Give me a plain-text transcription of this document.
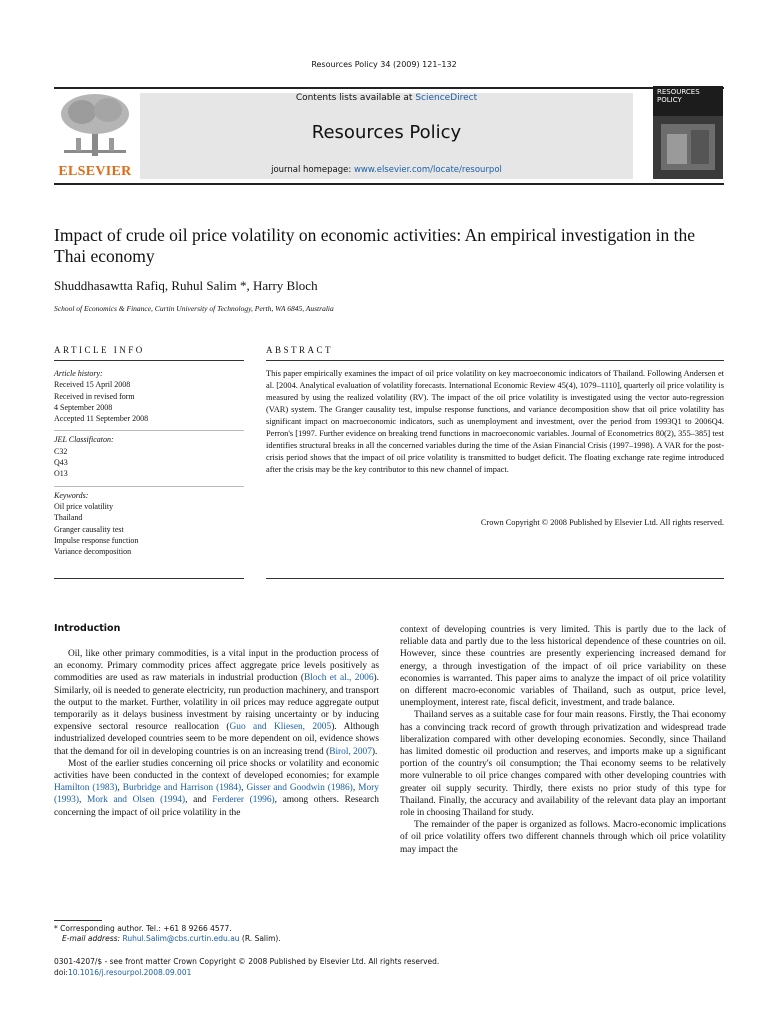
Resources Policy 34 (2009) 121–132
ELSEVIER
Contents lists available at ScienceDirect
Resources Policy
journal homepage: www.elsevier.com/locate/resourpol
RESOURCES
POLICY
Impact of crude oil price volatility on economic activities: An empirical investigation in the Thai economy
Shuddhasawtta Rafiq, Ruhul Salim *, Harry Bloch
School of Economics & Finance, Curtin University of Technology, Perth, WA 6845, Australia
ARTICLE INFO
Article history:
Received 15 April 2008
Received in revised form
4 September 2008
Accepted 11 September 2008
JEL Classificaton:
C32
Q43
O13
Keywords:
Oil price volatility
Thailand
Granger causality test
Impulse response function
Variance decomposition
ABSTRACT
This paper empirically examines the impact of oil price volatility on key macroeconomic indicators of Thailand. Following Andersen et al. [2004. Analytical evaluation of volatility forecasts. International Economic Review 45(4), 1079–1110], quarterly oil price volatility is measured by using the realized volatility (RV). The impact of the oil price volatility is investigated using the vector auto-regression (VAR) system. The Granger causality test, impulse response functions, and variance decomposition show that oil price volatility has significant impact on macroeconomic indicators, such as unemployment and investment, over the period from 1993Q1 to 2006Q4. Perron's [1997. Further evidence on breaking trend functions in macroeconomic variables. Journal of Econometrics 80(2), 355–385] test identifies structural breaks in all the concerned variables during the time of the Asian Financial Crisis (1997–1998). A VAR for the post-crisis period shows that the impact of oil price volatility is transmitted to budget deficit. The floating exchange rate regime introduced after the crisis may be the key contributor to this new channel of impact.
Crown Copyright © 2008 Published by Elsevier Ltd. All rights reserved.
Introduction

Oil, like other primary commodities, is a vital input in the production process of an economy. Primary commodity prices affect aggregate price levels positively as commodities are used as raw materials in industrial production (Bloch et al., 2006). Similarly, oil is needed to generate electricity, run production machinery, and transport the output to the market. Further, volatility in oil prices may reduce aggregate output temporarily as it delays business investment by raising uncertainty or by inducing expensive sectoral resource reallocation (Guo and Kliesen, 2005). Although industrialized developed countries seem to be more dependent on oil, evidence shows that the demand for oil in developing countries is on an increasing trend (Birol, 2007).

Most of the earlier studies concerning oil price shocks or volatility and economic activities have been conducted in the context of developed economies; for example Hamilton (1983), Burbridge and Harrison (1984), Gisser and Goodwin (1986), Mory (1993), Mork and Olsen (1994), and Ferderer (1996), among others. Research concerning the impact of oil price volatility in the

context of developing countries is very limited. This is partly due to the lack of reliable data and partly due to the less historical dependence of these countries on oil. However, since these countries are presently experiencing increased demand for energy, a through investigation of the impact of oil price variability on these economies is warranted. This paper aims to analyze the impact of oil price volatility on different macro-economic variables of Thailand, such as output, price level, unemployment, interest rate, fiscal deficit, investment, and trade balance.

Thailand serves as a suitable case for four main reasons. Firstly, the Thai economy has a convincing track record of growth through privatization and widespread trade liberalization compared with other developing economies. Secondly, since Thailand has limited domestic oil production and reserves, and imports make up a significant portion of the country's oil consumption; the Thai economy seems to be relatively more vulnerable to oil price changes compared with other developing countries with greater oil supply security. Thirdly, there exists no prior study of this type for Thailand. Finally, the accuracy and availability of the relevant data play an important role in choosing Thailand for study.

The remainder of the paper is organized as follows. Macro-economic implications of oil price volatility offers two different channels through which oil price volatility may impact the

* Corresponding author. Tel.: +61 8 9266 4577.
E-mail address: Ruhul.Salim@cbs.curtin.edu.au (R. Salim).
0301-4207/$ - see front matter Crown Copyright © 2008 Published by Elsevier Ltd. All rights reserved.
doi:10.1016/j.resourpol.2008.09.001
